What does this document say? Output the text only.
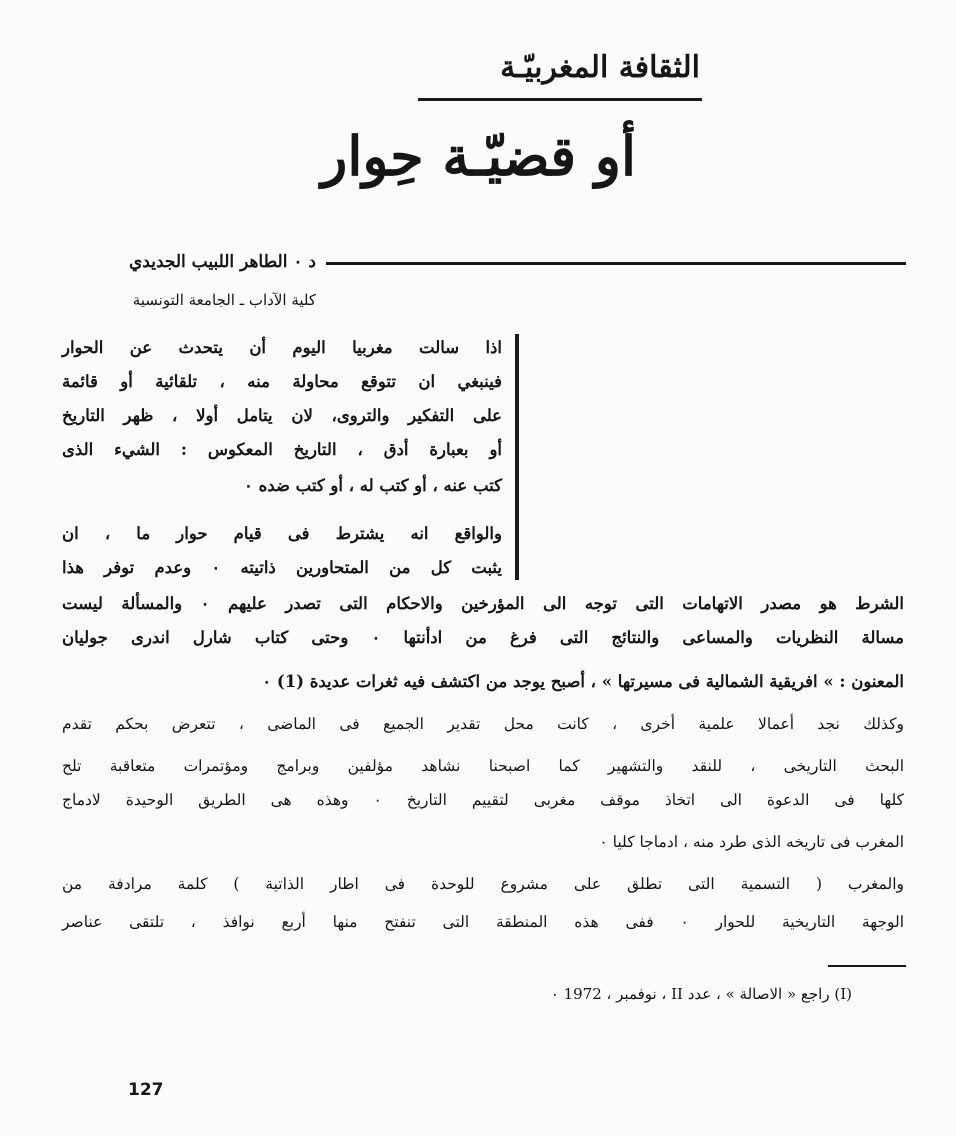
الثقافة المغربيّـة
أو قضيّـة حِوار
د ٠ الطاهر اللبيب الجديدي
كلية الآداب ـ الجامعة التونسية
اذا سالت مغربيا اليوم أن يتحدث عن الحوار
فينبغي ان تتوقع محاولة منه ، تلقائية أو قائمة
على التفكير والتروى، لان يتامل أولا ، ظهر التاريخ
أو بعبارة أدق ، التاريخ المعكوس : الشيء الذى
كتب عنه ، أو كتب له ، أو كتب ضده ٠
والواقع انه يشترط فى قيام حوار ما ، ان
يثبت كل من المتحاورين ذاتيته ٠ وعدم توفر هذا
الشرط هو مصدر الاتهامات التى توجه الى المؤرخين والاحكام التى تصدر عليهم ٠ والمسألة ليست
مسالة النظريات والمساعى والنتائج التى فرغ من ادأنتها ٠ وحتى كتاب شارل اندرى جوليان
المعنون : » افريقية الشمالية فى مسيرتها » ، أصبح يوجد من اكتشف فيه ثغرات عديدة (1) ٠
وكذلك نجد أعمالا علمية أخرى ، كانت محل تقدير الجميع فى الماضى ، تتعرض بحكم تقدم
البحث التاريخى ، للنقد والتشهير كما اصبحنا نشاهد مؤلفين وبرامج ومؤتمرات متعاقبة تلح
كلها فى الدعوة الى اتخاذ موقف مغربى لتقييم التاريخ ٠ وهذه هى الطريق الوحيدة لادماج
المغرب فى تاريخه الذى طرد منه ، ادماجا كليا ٠
والمغرب ( التسمية التى تطلق على مشروع للوحدة فى اطار الذاتية ) كلمة مرادفة من
الوجهة التاريخية للحوار ٠ ففى هذه المنطقة التى تنفتح منها أربع نوافذ ، تلتقى عناصر
(I) راجع « الاصالة » ، عدد II ، نوفمبر ، 1972 ٠
127
